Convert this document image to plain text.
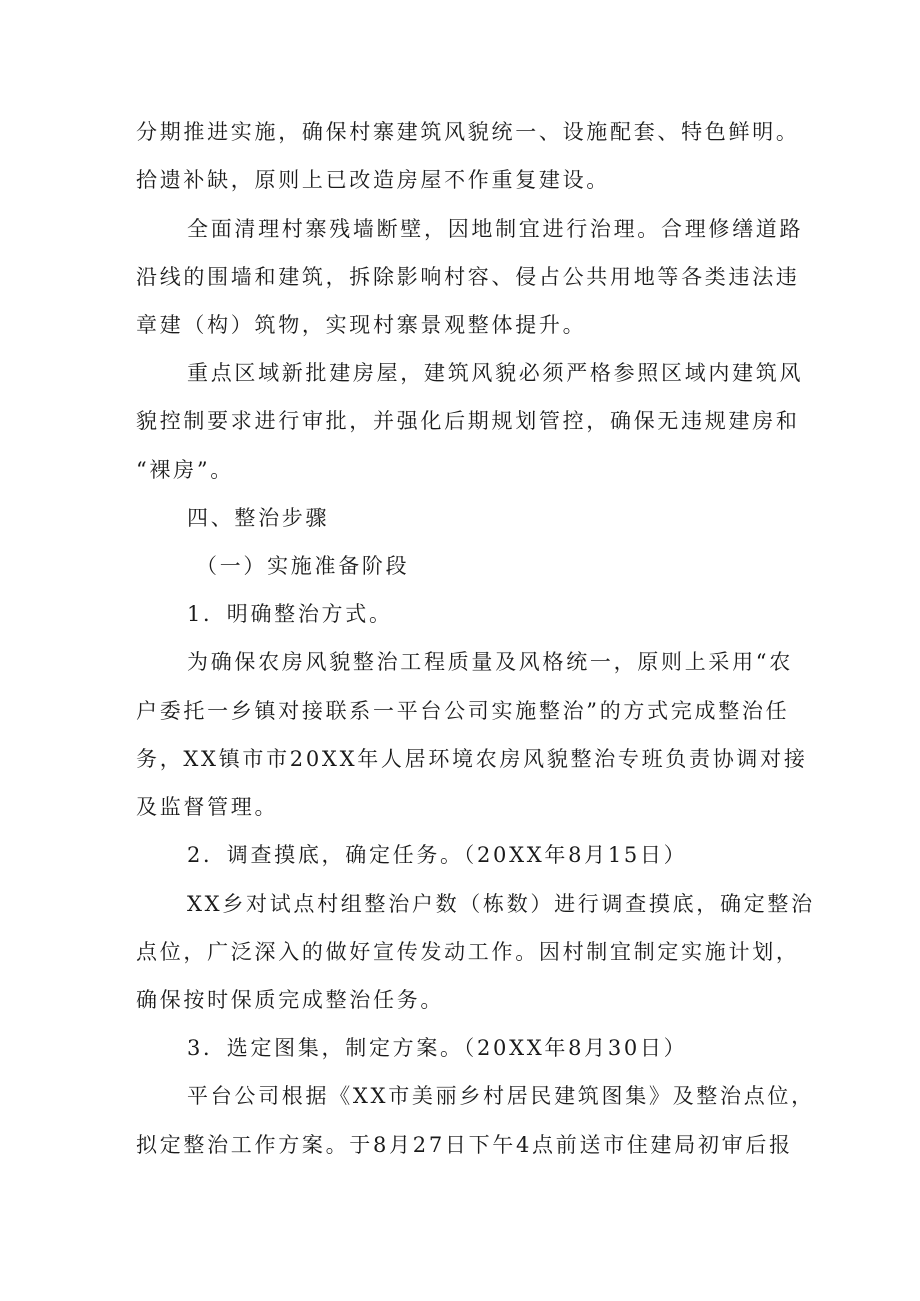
分期推进实施，确保村寨建筑风貌统一、设施配套、特色鲜明。
拾遗补缺，原则上已改造房屋不作重复建设。
全面清理村寨残墙断壁，因地制宜进行治理。合理修缮道路
沿线的围墙和建筑，拆除影响村容、侵占公共用地等各类违法违
章建（构）筑物，实现村寨景观整体提升。
重点区域新批建房屋，建筑风貌必须严格参照区域内建筑风
貌控制要求进行审批，并强化后期规划管控，确保无违规建房和
“裸房”。
四、整治步骤
（一）实施准备阶段
1．明确整治方式。
为确保农房风貌整治工程质量及风格统一，原则上采用“农
户委托一乡镇对接联系一平台公司实施整治”的方式完成整治任
务，XX镇市市20XX年人居环境农房风貌整治专班负责协调对接
及监督管理。
2．调查摸底，确定任务。（20XX年8月15日）
XX乡对试点村组整治户数（栋数）进行调查摸底，确定整治
点位，广泛深入的做好宣传发动工作。因村制宜制定实施计划，
确保按时保质完成整治任务。
3．选定图集，制定方案。（20XX年8月30日）
平台公司根据《XX市美丽乡村居民建筑图集》及整治点位，
拟定整治工作方案。于8月27日下午4点前送市住建局初审后报
